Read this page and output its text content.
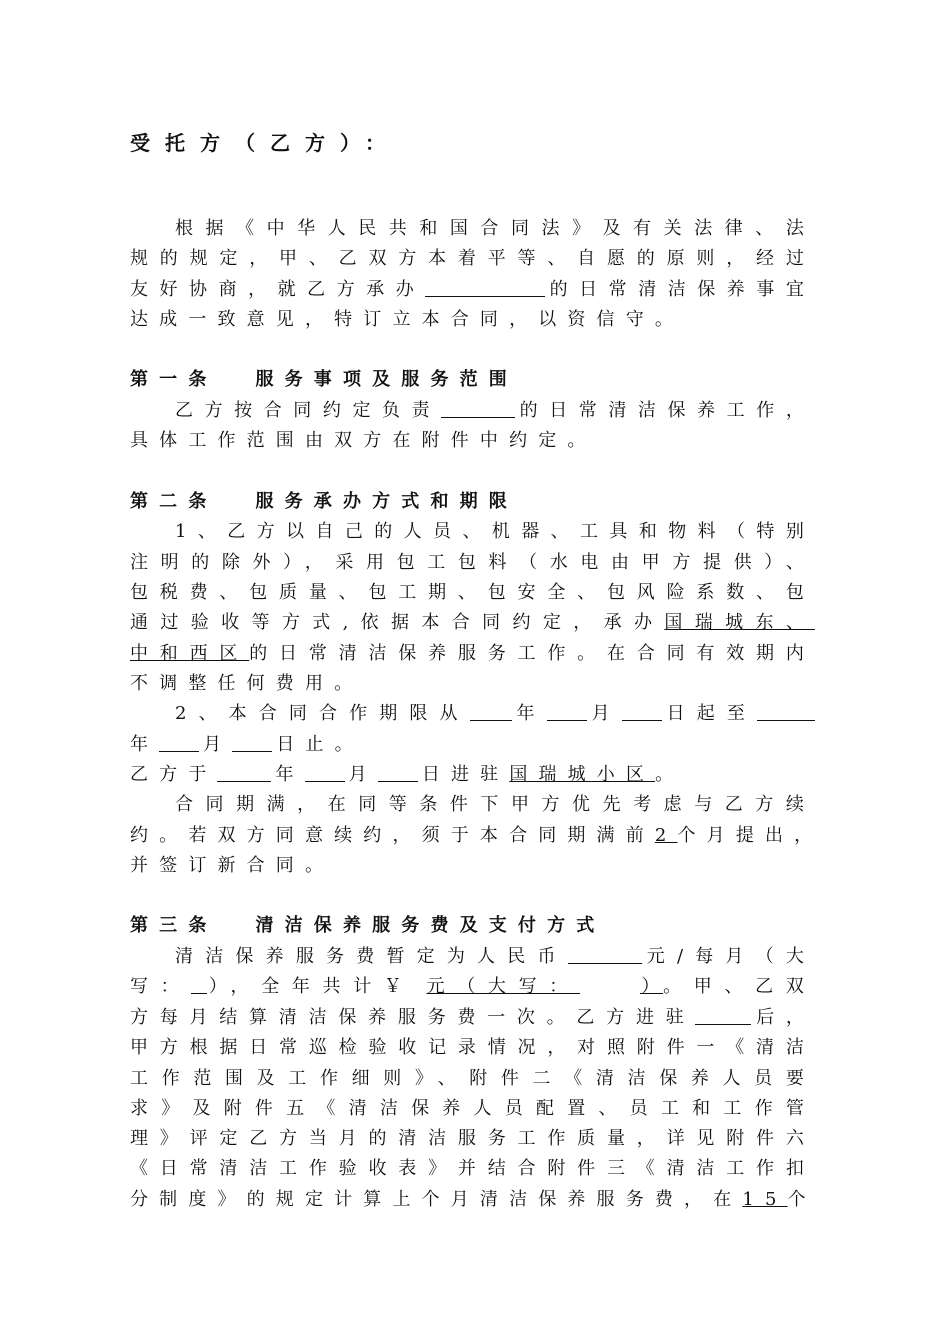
受托方（乙方）：
根据《中华人民共和国合同法》及有关法律、法
规的规定，甲、乙双方本着平等、自愿的原则，经过
友好协商，就乙方承办	的日常清洁保养事宜
达成一致意见，特订立本合同，以资信守。
第一条 服务事项及服务范围
乙方按合同约定负责	的日常清洁保养工作，
具体工作范围由双方在附件中约定。
第二条 服务承办方式和期限
1、乙方以自己的人员、机器、工具和物料（特别
注明的除外），采用包工包料（水电由甲方提供）、
包税费、包质量、包工期、包安全、包风险系数、包
通过验收等方式,依据本合同约定，承办国瑞城东、
中和西区的日常清洁保养服务工作。在合同有效期内
不调整任何费用。
2、本合同合作期限从	年 月 日起至
年 月 日止。
乙方于	年 月 日进驻国瑞城小区。
合同期满，在同等条件下甲方优先考虑与乙方续
约。若双方同意续约，须于本合同期满前2个月提出，
并签订新合同。
第三条 清洁保养服务费及支付方式
清洁保养服务费暂定为人民币	元/每月（大
写： ），全年共计￥ 元（大写：	）。甲、乙双
方每月结算清洁保养服务费一次。乙方进驻	后，
甲方根据日常巡检验收记录情况，对照附件一《清洁
工作范围及工作细则》、附件二《清洁保养人员要
求》及附件五《清洁保养人员配置、员工和工作管
理》评定乙方当月的清洁服务工作质量，详见附件六
《日常清洁工作验收表》并结合附件三《清洁工作扣
分制度》的规定计算上个月清洁保养服务费，在15个
